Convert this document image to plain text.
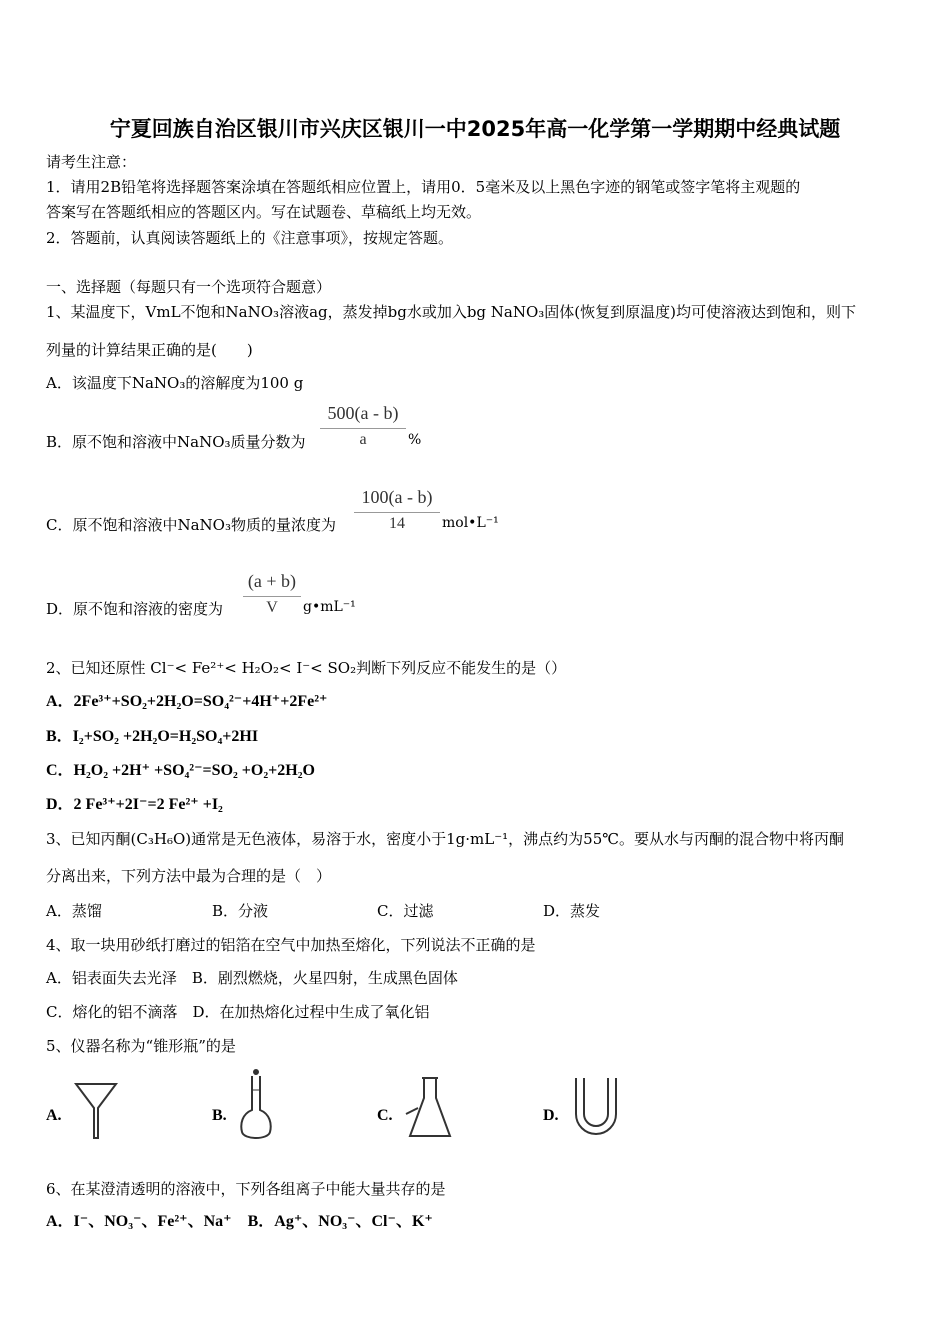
宁夏回族自治区银川市兴庆区银川一中2025年高一化学第一学期期中经典试题
请考生注意：
1．请用2B铅笔将选择题答案涂填在答题纸相应位置上，请用0．5毫米及以上黑色字迹的钢笔或签字笔将主观题的
答案写在答题纸相应的答题区内。写在试题卷、草稿纸上均无效。
2．答题前，认真阅读答题纸上的《注意事项》，按规定答题。
一、选择题（每题只有一个选项符合题意）
1、某温度下，VmL不饱和NaNO₃溶液ag，蒸发掉bg水或加入bg NaNO₃固体(恢复到原温度)均可使溶液达到饱和，则下
列量的计算结果正确的是(　　)
A．该温度下NaNO₃的溶解度为100 g
B．原不饱和溶液中NaNO₃质量分数为 $\frac{500(a - b)}{a}$ %
C．原不饱和溶液中NaNO₃物质的量浓度为 $\frac{100(a - b)}{14}$ mol•L⁻¹
D．原不饱和溶液的密度为 $\frac{(a + b)}{V}$ g•mL⁻¹
2、已知还原性 Cl⁻< Fe²⁺< H₂O₂< I⁻< SO₂判断下列反应不能发生的是（）
A．2Fe³⁺+SO₂+2H₂O=SO₄²⁻+4H⁺+2Fe²⁺
B．I₂+SO₂ +2H₂O=H₂SO₄+2HI
C．H₂O₂ +2H⁺ +SO₄²⁻=SO₂ +O₂+2H₂O
D．2 Fe³⁺+2I⁻=2 Fe²⁺ +I₂
3、已知丙酮(C₃H₆O)通常是无色液体，易溶于水，密度小于1g·mL⁻¹，沸点约为55℃。要从水与丙酮的混合物中将丙酮
分离出来，下列方法中最为合理的是（　）
A．蒸馏	B．分液	C．过滤	D．蒸发
4、取一块用砂纸打磨过的铝箔在空气中加热至熔化，下列说法不正确的是
A．铝表面失去光泽　B．剧烈燃烧，火星四射，生成黑色固体
C．熔化的铝不滴落　D．在加热熔化过程中生成了氧化铝
5、仪器名称为“锥形瓶”的是
A.	B.	C.	D.
6、在某澄清透明的溶液中，下列各组离子中能大量共存的是
A．I⁻、NO₃⁻、Fe²⁺、Na⁺　B．Ag⁺、NO₃⁻、Cl⁻、K⁺
